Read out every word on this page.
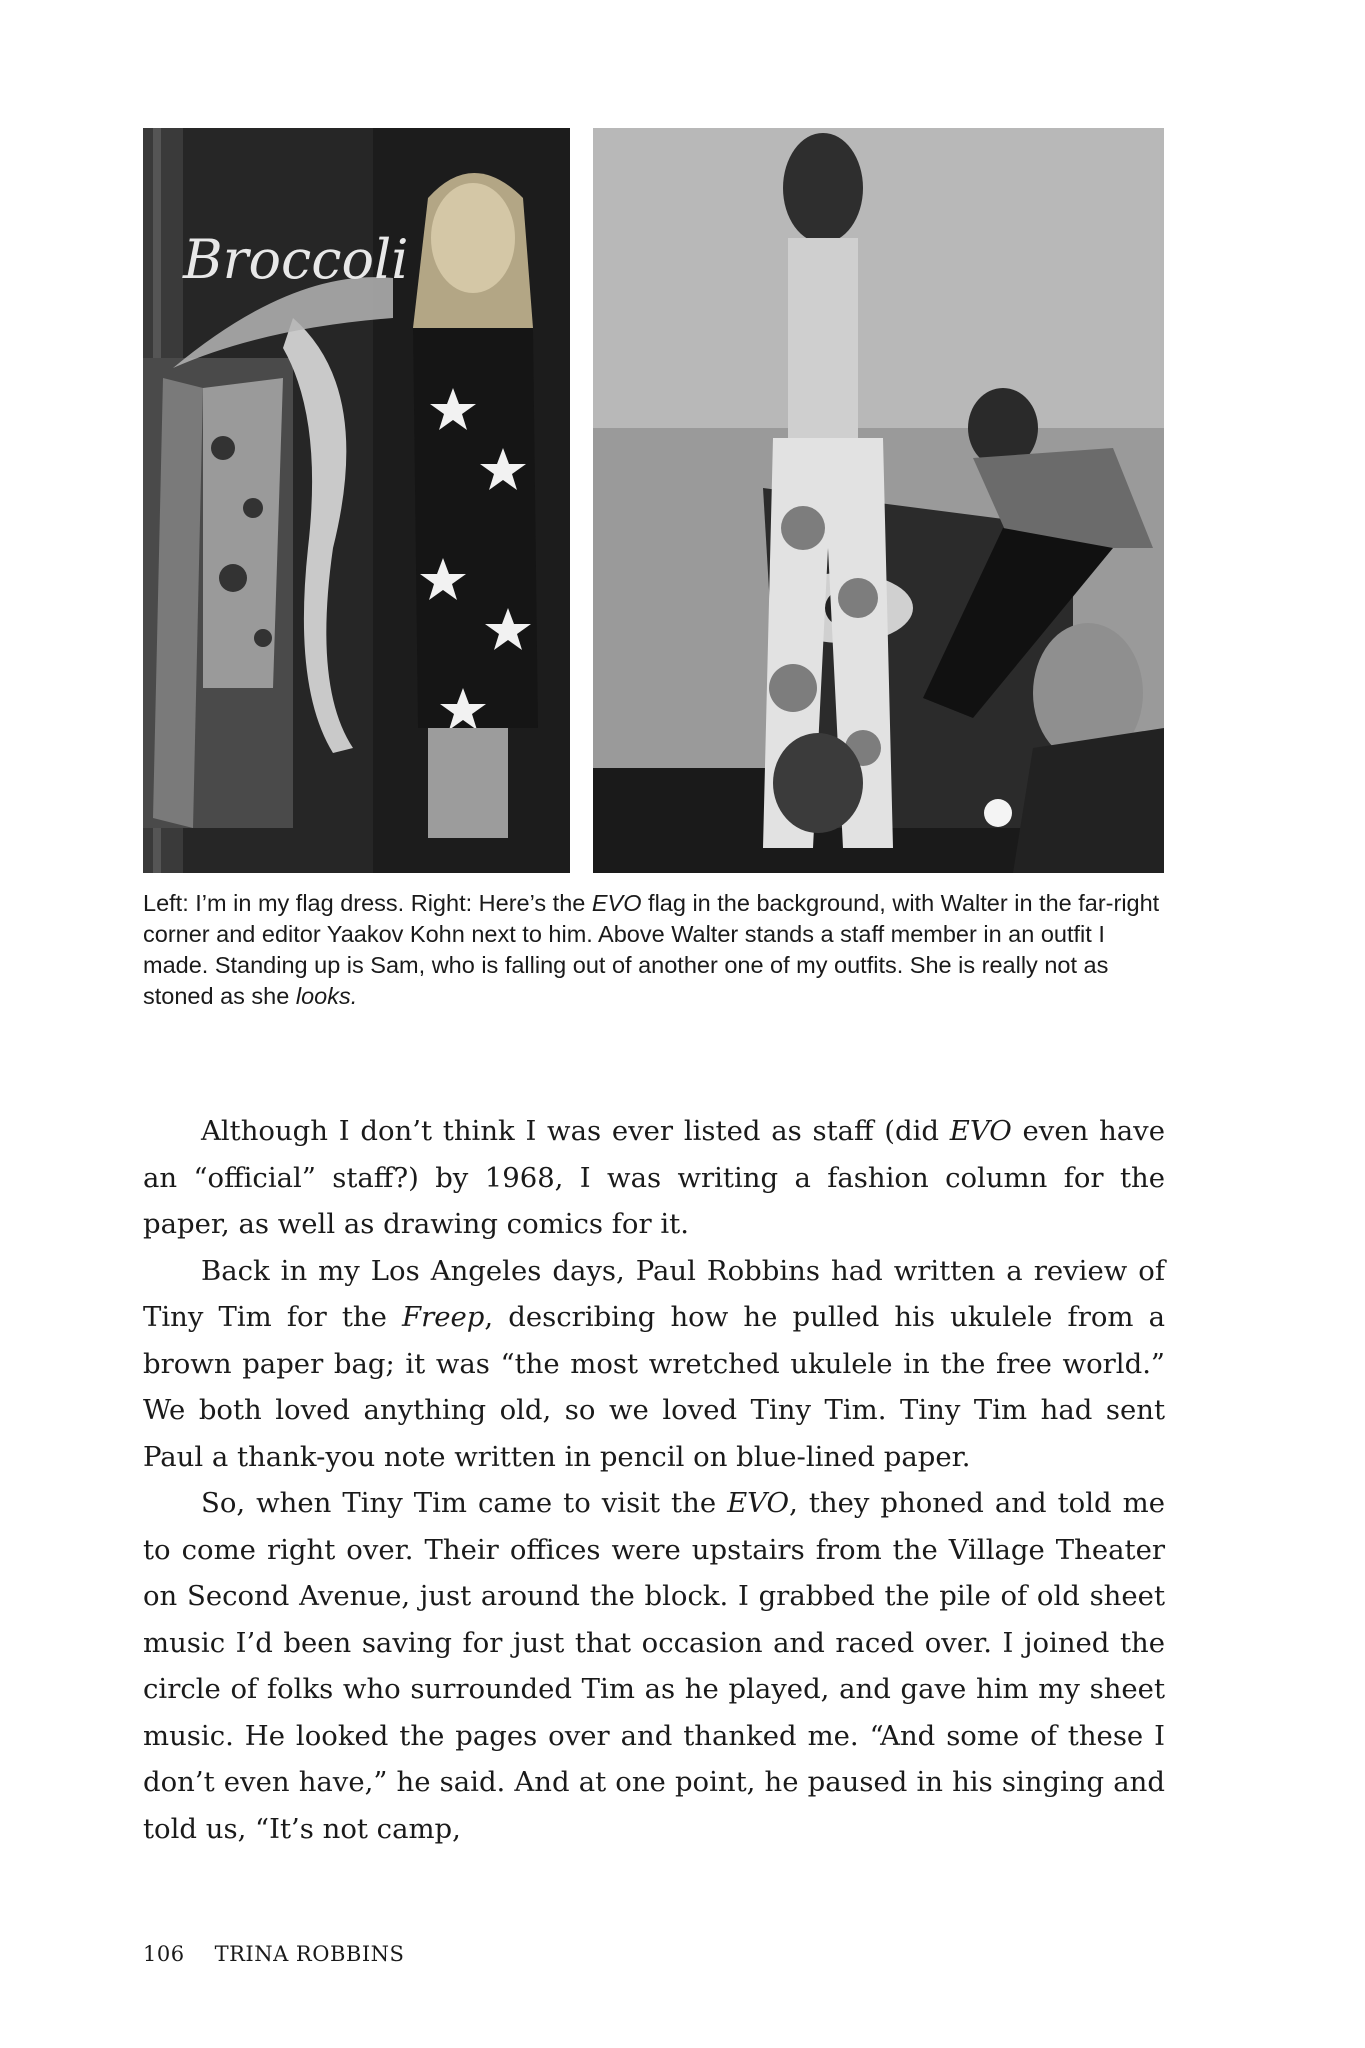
Broccoli
Left: I’m in my flag dress. Right: Here’s the EVO flag in the background, with Walter in the far-right corner and editor Yaakov Kohn next to him. Above Walter stands a staff member in an outfit I made. Standing up is Sam, who is falling out of another one of my outfits. She is really not as stoned as she looks.

Although I don’t think I was ever listed as staff (did EVO even have an “official” staff?) by 1968, I was writing a fashion column for the paper, as well as drawing comics for it.

Back in my Los Angeles days, Paul Robbins had written a review of Tiny Tim for the Freep, describing how he pulled his ukulele from a brown paper bag; it was “the most wretched ukulele in the free world.” We both loved anything old, so we loved Tiny Tim. Tiny Tim had sent Paul a thank-you note written in pencil on blue-lined paper.

So, when Tiny Tim came to visit the EVO, they phoned and told me to come right over. Their offices were upstairs from the Village Theater on Second Avenue, just around the block. I grabbed the pile of old sheet music I’d been saving for just that occasion and raced over. I joined the circle of folks who surrounded Tim as he played, and gave him my sheet music. He looked the pages over and thanked me. “And some of these I don’t even have,” he said. And at one point, he paused in his singing and told us, “It’s not camp,

106 TRINA ROBBINS
